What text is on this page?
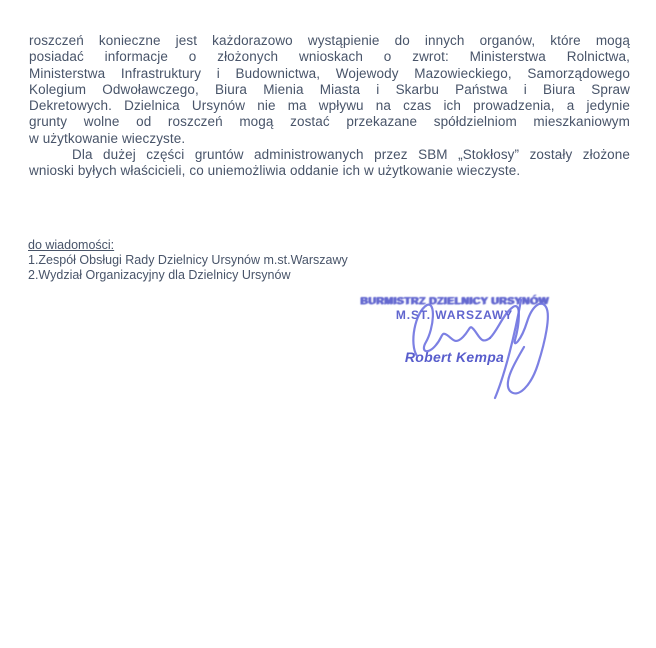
roszczeń konieczne jest każdorazowo wystąpienie do innych organów, które mogą
posiadać informacje o złożonych wnioskach o zwrot: Ministerstwa Rolnictwa,
Ministerstwa Infrastruktury i Budownictwa, Wojewody Mazowieckiego, Samorządowego
Kolegium Odwoławczego, Biura Mienia Miasta i Skarbu Państwa i Biura Spraw
Dekretowych. Dzielnica Ursynów nie ma wpływu na czas ich prowadzenia, a jedynie
grunty wolne od roszczeń mogą zostać przekazane spółdzielniom mieszkaniowym
w użytkowanie wieczyste.
Dla dużej części gruntów administrowanych przez SBM „Stokłosy” zostały złożone
wnioski byłych właścicieli, co uniemożliwia oddanie ich w użytkowanie wieczyste.
do wiadomości:
1.Zespół Obsługi Rady Dzielnicy Ursynów m.st.Warszawy
2.Wydział Organizacyjny dla Dzielnicy Ursynów
BURMISTRZ DZIELNICY URSYNÓW
M.ST. WARSZAWY
Robert Kempa
